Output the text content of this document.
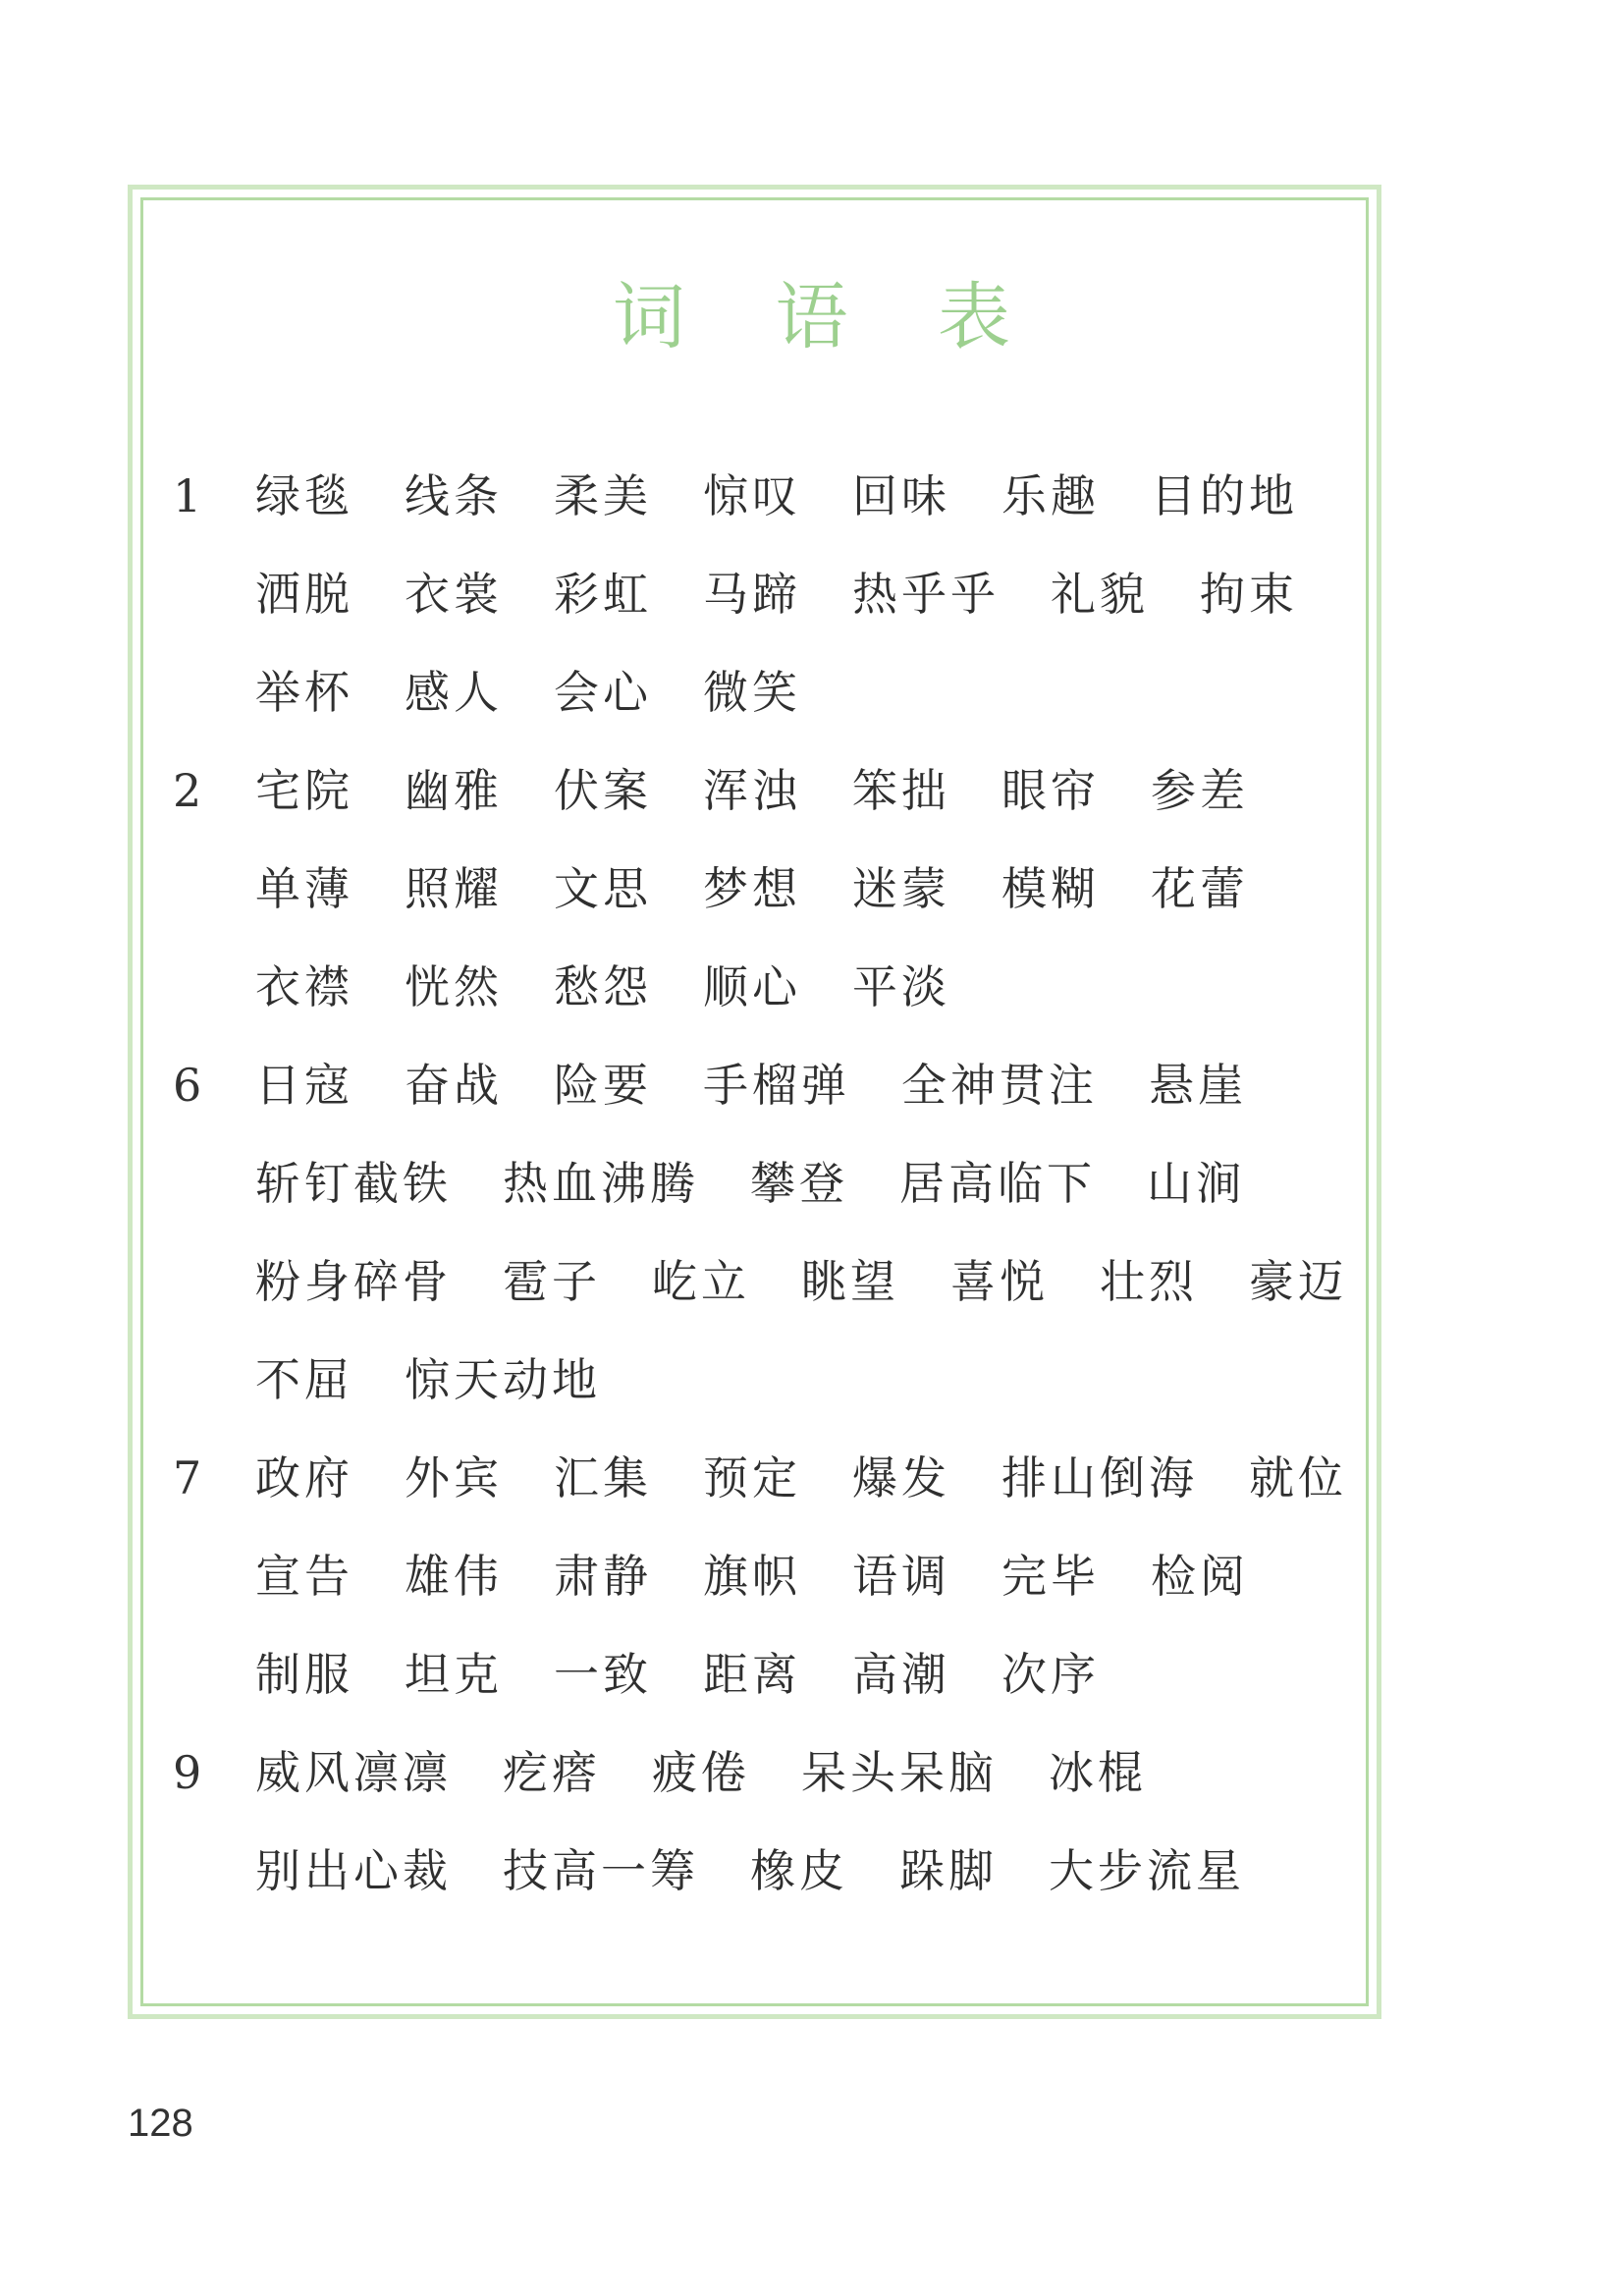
词 语 表
1 绿毯 线条 柔美 惊叹 回味 乐趣 目的地
洒脱 衣裳 彩虹 马蹄 热乎乎 礼貌 拘束
举杯 感人 会心 微笑
2 宅院 幽雅 伏案 浑浊 笨拙 眼帘 参差
单薄 照耀 文思 梦想 迷蒙 模糊 花蕾
衣襟 恍然 愁怨 顺心 平淡
6 日寇 奋战 险要 手榴弹 全神贯注 悬崖
斩钉截铁 热血沸腾 攀登 居高临下 山涧
粉身碎骨 雹子 屹立 眺望 喜悦 壮烈 豪迈
不屈 惊天动地
7 政府 外宾 汇集 预定 爆发 排山倒海 就位
宣告 雄伟 肃静 旗帜 语调 完毕 检阅
制服 坦克 一致 距离 高潮 次序
9 威风凛凛 疙瘩 疲倦 呆头呆脑 冰棍
别出心裁 技高一筹 橡皮 跺脚 大步流星
128
